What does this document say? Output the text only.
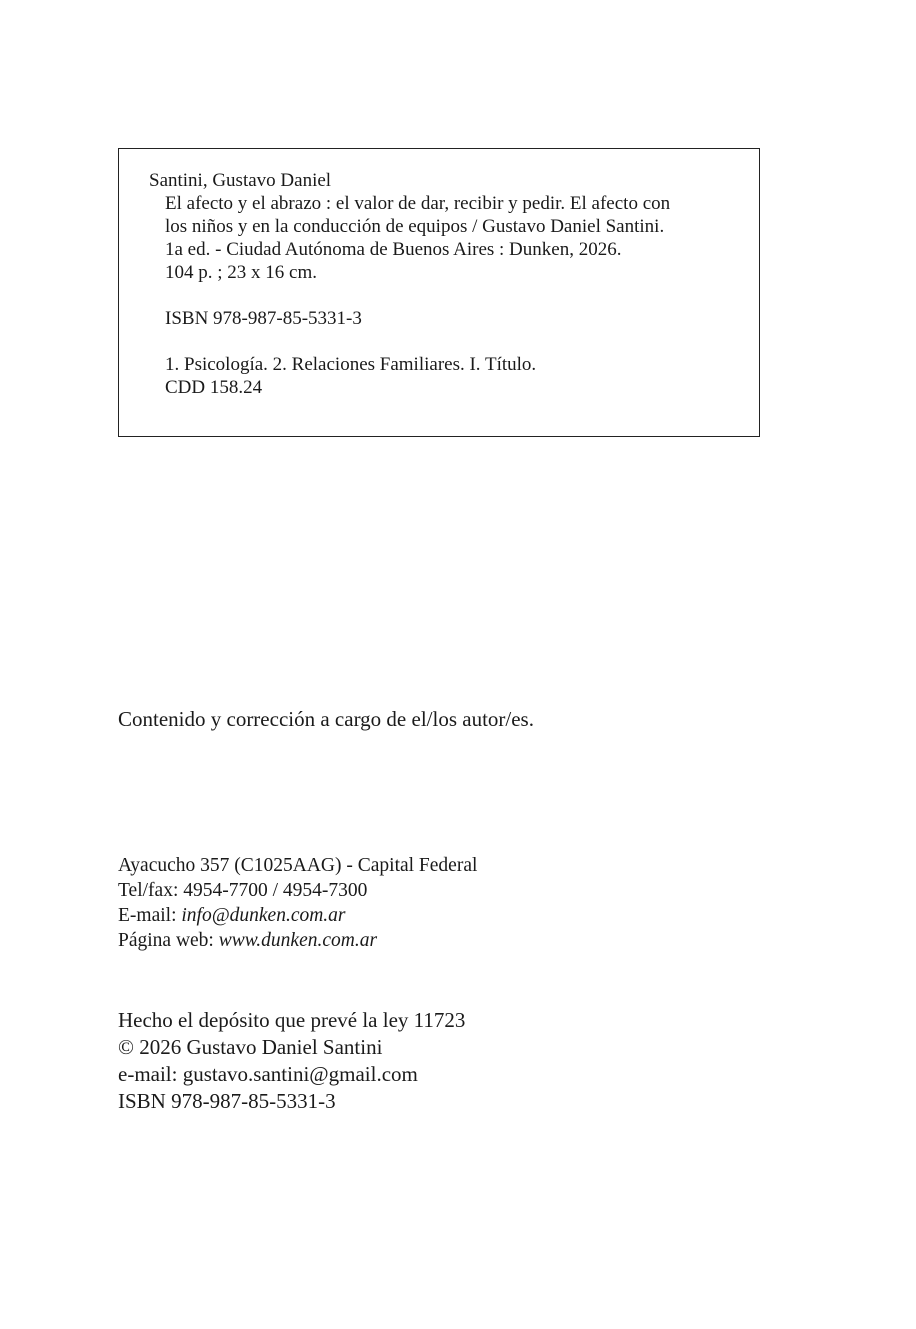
Santini, Gustavo Daniel
El afecto y el abrazo : el valor de dar, recibir y pedir. El afecto con
los niños y en la conducción de equipos / Gustavo Daniel Santini.
1a ed. - Ciudad Autónoma de Buenos Aires : Dunken, 2026.
104 p. ; 23 x 16 cm.
ISBN 978-987-85-5331-3
1. Psicología. 2. Relaciones Familiares. I. Título.
CDD 158.24
Contenido y corrección a cargo de el/los autor/es.
Ayacucho 357 (C1025AAG) - Capital Federal
Tel/fax: 4954-7700 / 4954-7300
E-mail: info@dunken.com.ar
Página web: www.dunken.com.ar
Hecho el depósito que prevé la ley 11723
© 2026 Gustavo Daniel Santini
e-mail: gustavo.santini@gmail.com
ISBN 978-987-85-5331-3
